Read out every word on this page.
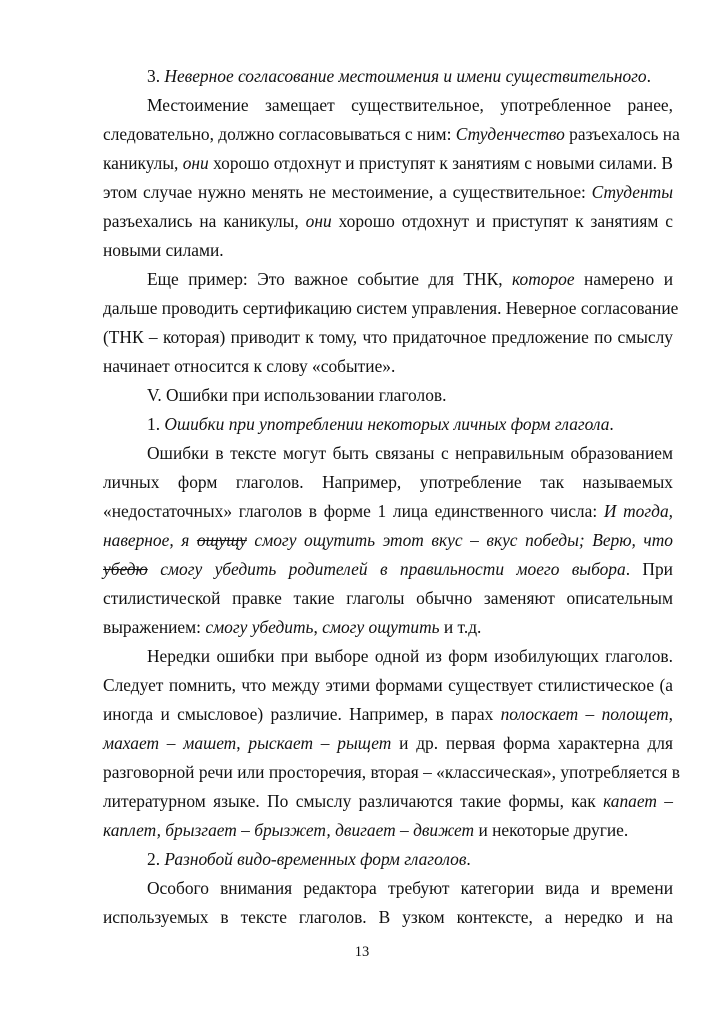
3. Неверное согласование местоимения и имени существительного.
Местоимение замещает существительное, употребленное ранее,
следовательно, должно согласовываться с ним: Студенчество разъехалось на
каникулы, они хорошо отдохнут и приступят к занятиям с новыми силами. В
этом случае нужно менять не местоимение, а существительное: Студенты
разъехались на каникулы, они хорошо отдохнут и приступят к занятиям с
новыми силами.
Еще пример: Это важное событие для ТНК, которое намерено и
дальше проводить сертификацию систем управления. Неверное согласование
(ТНК – которая) приводит к тому, что придаточное предложение по смыслу
начинает относится к слову «событие».
V. Ошибки при использовании глаголов.
1. Ошибки при употреблении некоторых личных форм глагола.
Ошибки в тексте могут быть связаны с неправильным образованием
личных форм глаголов. Например, употребление так называемых
«недостаточных» глаголов в форме 1 лица единственного числа: И тогда,
наверное, я ощущу смогу ощутить этот вкус – вкус победы; Верю, что
убедю смогу убедить родителей в правильности моего выбора. При
стилистической правке такие глаголы обычно заменяют описательным
выражением: смогу убедить, смогу ощутить и т.д.
Нередки ошибки при выборе одной из форм изобилующих глаголов.
Следует помнить, что между этими формами существует стилистическое (а
иногда и смысловое) различие. Например, в парах полоскает – полощет,
махает – машет, рыскает – рыщет и др. первая форма характерна для
разговорной речи или просторечия, вторая – «классическая», употребляется в
литературном языке. По смыслу различаются такие формы, как капает –
каплет, брызгает – брызжет, двигает – движет и некоторые другие.
2. Разнобой видо-временных форм глаголов.
Особого внимания редактора требуют категории вида и времени
используемых в тексте глаголов. В узком контексте, а нередко и на
13
